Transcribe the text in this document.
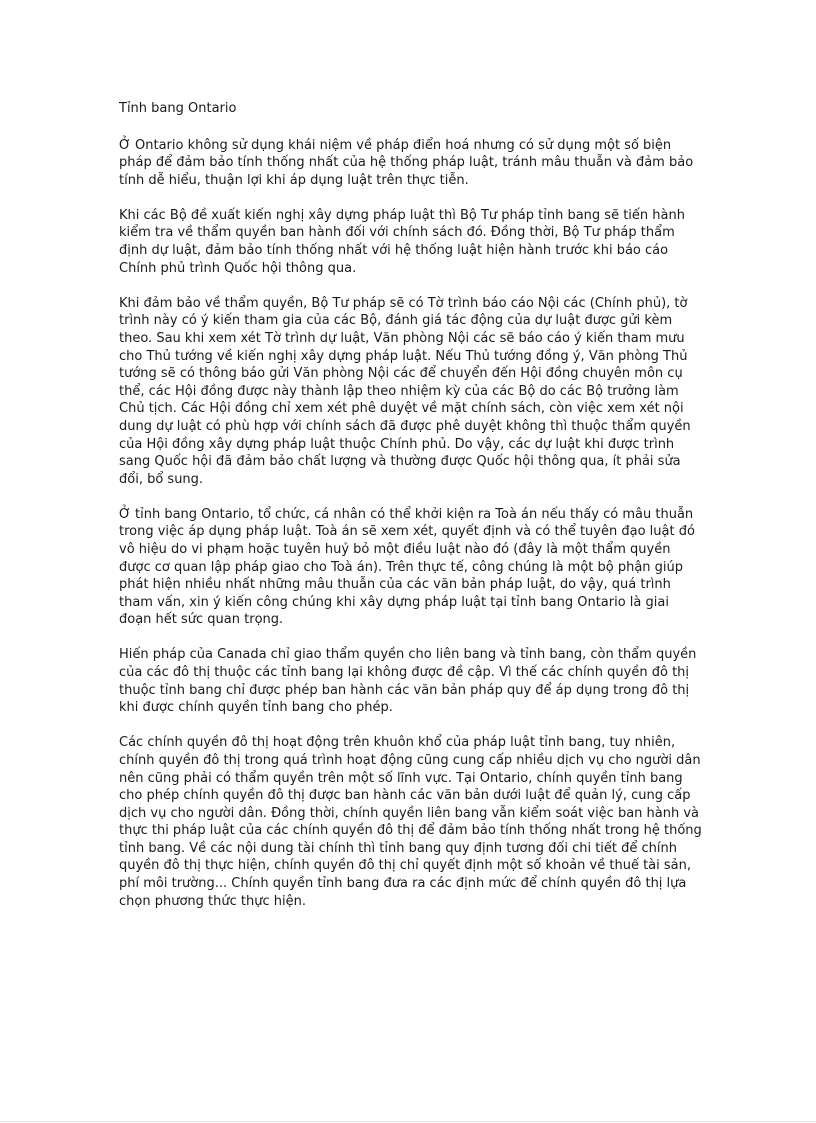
Tỉnh bang Ontario

Ở Ontario không sử dụng khái niệm về pháp điển hoá nhưng có sử dụng một số biện pháp để đảm bảo tính thống nhất của hệ thống pháp luật, tránh mâu thuẫn và đảm bảo tính dễ hiểu, thuận lợi khi áp dụng luật trên thực tiễn.

Khi các Bộ đề xuất kiến nghị xây dựng pháp luật thì Bộ Tư pháp tỉnh bang sẽ tiến hành kiểm tra về thẩm quyền ban hành đối với chính sách đó. Đồng thời, Bộ Tư pháp thẩm định dự luật, đảm bảo tính thống nhất với hệ thống luật hiện hành trước khi báo cáo Chính phủ trình Quốc hội thông qua.

Khi đảm bảo về thẩm quyền, Bộ Tư pháp sẽ có Tờ trình báo cáo Nội các (Chính phủ), tờ trình này có ý kiến tham gia của các Bộ, đánh giá tác động của dự luật được gửi kèm theo. Sau khi xem xét Tờ trình dự luật, Văn phòng Nội các sẽ báo cáo ý kiến tham mưu cho Thủ tướng về kiến nghị xây dựng pháp luật. Nếu Thủ tướng đồng ý, Văn phòng Thủ tướng sẽ có thông báo gửi Văn phòng Nội các để chuyển đến Hội đồng chuyên môn cụ thể, các Hội đồng được này thành lập theo nhiệm kỳ của các Bộ do các Bộ trưởng làm Chủ tịch. Các Hội đồng chỉ xem xét phê duyệt về mặt chính sách, còn việc xem xét nội dung dự luật có phù hợp với chính sách đã được phê duyệt không thì thuộc thẩm quyền của Hội đồng xây dựng pháp luật thuộc Chính phủ. Do vậy, các dự luật khi được trình sang Quốc hội đã đảm bảo chất lượng và thường được Quốc hội thông qua, ít phải sửa đổi, bổ sung.

Ở tỉnh bang Ontario, tổ chức, cá nhân có thể khởi kiện ra Toà án nếu thấy có mâu thuẫn trong việc áp dụng pháp luật. Toà án sẽ xem xét, quyết định và có thể tuyên đạo luật đó vô hiệu do vi phạm hoặc tuyên huỷ bỏ một điều luật nào đó (đây là một thẩm quyền được cơ quan lập pháp giao cho Toà án). Trên thực tế, công chúng là một bộ phận giúp phát hiện nhiều nhất những mâu thuẫn của các văn bản pháp luật, do vậy, quá trình tham vấn, xin ý kiến công chúng khi xây dựng pháp luật tại tỉnh bang Ontario là giai đoạn hết sức quan trọng.

Hiến pháp của Canada chỉ giao thẩm quyền cho liên bang và tỉnh bang, còn thẩm quyền của các đô thị thuộc các tỉnh bang lại không được đề cập. Vì thế các chính quyền đô thị thuộc tỉnh bang chỉ được phép ban hành các văn bản pháp quy để áp dụng trong đô thị khi được chính quyền tỉnh bang cho phép.

Các chính quyền đô thị hoạt động trên khuôn khổ của pháp luật tỉnh bang, tuy nhiên, chính quyền đô thị trong quá trình hoạt động cũng cung cấp nhiều dịch vụ cho người dân nên cũng phải có thẩm quyền trên một số lĩnh vực. Tại Ontario, chính quyền tỉnh bang cho phép chính quyền đô thị được ban hành các văn bản dưới luật để quản lý, cung cấp dịch vụ cho người dân. Đồng thời, chính quyền liên bang vẫn kiểm soát việc ban hành và thực thi pháp luật của các chính quyền đô thị để đảm bảo tính thống nhất trong hệ thống tỉnh bang. Về các nội dung tài chính thì tỉnh bang quy định tương đối chi tiết để chính quyền đô thị thực hiện, chính quyền đô thị chỉ quyết định một số khoản về thuế tài sản, phí môi trường... Chính quyền tỉnh bang đưa ra các định mức để chính quyền đô thị lựa chọn phương thức thực hiện.
